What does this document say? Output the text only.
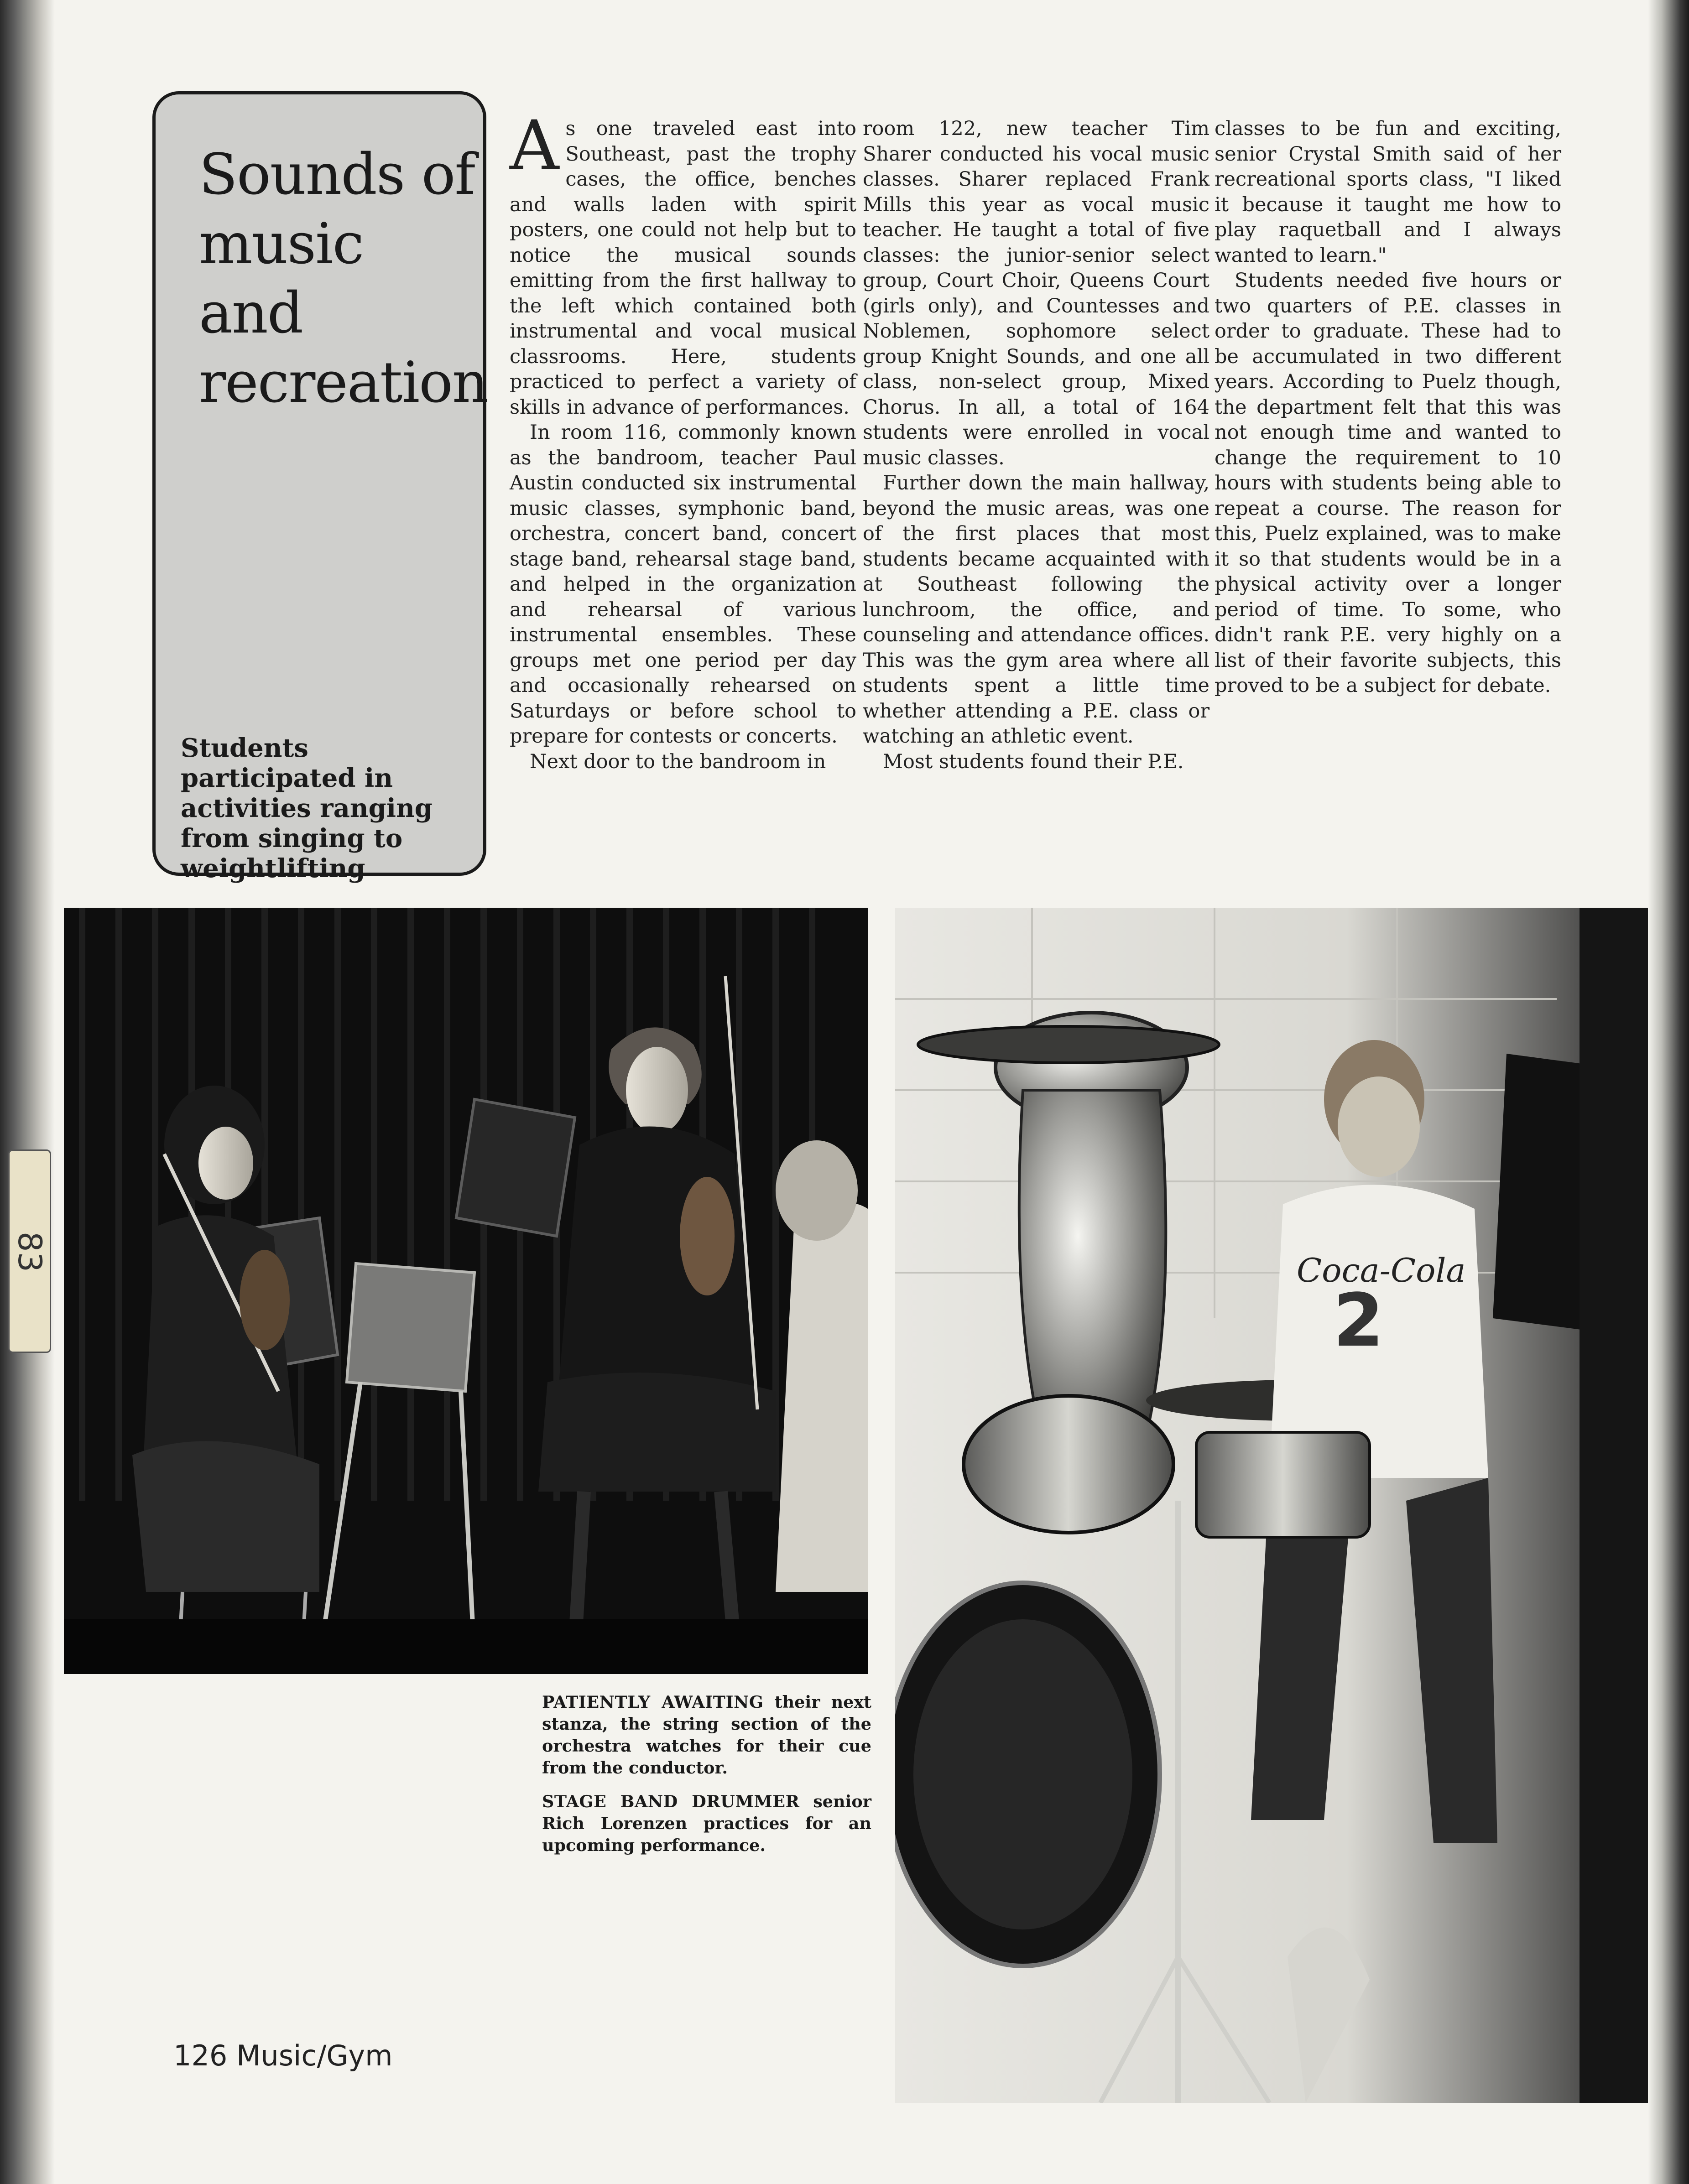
83
Sounds of music and recreation

Students participated in activities ranging from singing to weightlifting

As one traveled east into Southeast, past the trophy cases, the office, benches and walls laden with spirit posters, one could not help but to notice the musical sounds emitting from the first hallway to the left which contained both instrumental and vocal musical classrooms. Here, students practiced to perfect a variety of skills in advance of performances.

In room 116, commonly known as the bandroom, teacher Paul Austin conducted six instrumental music classes, symphonic band, orchestra, concert band, concert stage band, rehearsal stage band, and helped in the organization and rehearsal of various instrumental ensembles. These groups met one period per day and occasionally rehearsed on Saturdays or before school to prepare for contests or concerts.

Next door to the bandroom in

room 122, new teacher Tim Sharer conducted his vocal music classes. Sharer replaced Frank Mills this year as vocal music teacher. He taught a total of five classes: the junior-senior select group, Court Choir, Queens Court (girls only), and Countesses and Noblemen, sophomore select group Knight Sounds, and one all class, non-select group, Mixed Chorus. In all, a total of 164 students were enrolled in vocal music classes.

Further down the main hallway, beyond the music areas, was one of the first places that most students became acquainted with at Southeast following the lunchroom, the office, and counseling and attendance offices. This was the gym area where all students spent a little time whether attending a P.E. class or watching an athletic event.

Most students found their P.E.

classes to be fun and exciting, senior Crystal Smith said of her recreational sports class, "I liked it because it taught me how to play raquetball and I always wanted to learn."

Students needed five hours or two quarters of P.E. classes in order to graduate. These had to be accumulated in two different years. According to Puelz though, the department felt that this was not enough time and wanted to change the requirement to 10 hours with students being able to repeat a course. The reason for this, Puelz explained, was to make it so that students would be in a physical activity over a longer period of time. To some, who didn't rank P.E. very highly on a list of their favorite subjects, this proved to be a subject for debate.

Coca-Cola
2

PATIENTLY AWAITING their next stanza, the string section of the orchestra watches for their cue from the conductor.

STAGE BAND DRUMMER senior Rich Lorenzen practices for an upcoming performance.

126 Music/Gym
